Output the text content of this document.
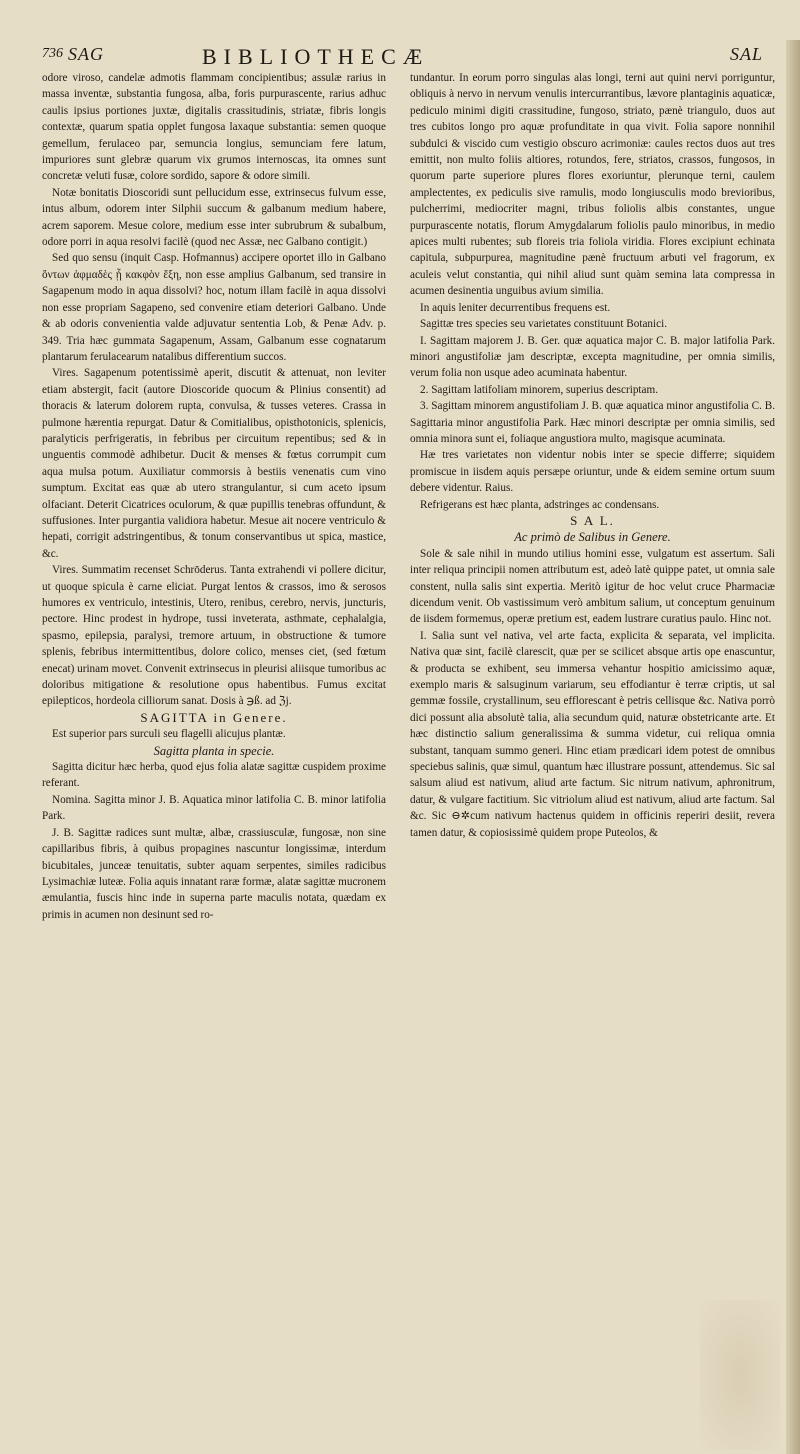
736 SAG	BIBLIOTHECÆ	SAL

odore viroso, candelæ admotis flammam concipientibus; assulæ rarius in massa inventæ, substantia fungosa, alba, foris purpurascente, rarius adhuc caulis ipsius portiones juxtæ, digitalis crassitudinis, striatæ, fibris longis contextæ, quarum spatia opplet fungosa laxaque substantia: semen quoque gemellum, ferulaceo par, semuncia longius, semunciam fere latum, impuriores sunt glebræ quarum vix grumos internoscas, ita omnes sunt concretæ veluti fusæ, colore sordido, sapore & odore simili.

Notæ bonitatis Dioscoridi sunt pellucidum esse, extrinsecus fulvum esse, intus album, odorem inter Silphii succum & galbanum medium habere, acrem saporem. Mesue colore, medium esse inter subrubrum & subalbum, odore porri in aqua resolvi facilè (quod nec Assæ, nec Galbano contigit.)

Sed quo sensu (inquit Casp. Hofmannus) accipere oportet illo in Galbano ὄντων ἀφμαδὲς ᾗ κακφὸν ἔξη, non esse amplius Galbanum, sed transire in Sagapenum modo in aqua dissolvi? hoc, notum illam facilè in aqua dissolvi non esse propriam Sagapeno, sed convenire etiam deteriori Galbano. Unde & ab odoris convenientia valde adjuvatur sententia Lob, & Penæ Adv. p. 349. Tria hæc gummata Sagapenum, Assam, Galbanum esse cognatarum plantarum ferulacearum natalibus differentium succos.

Vires. Sagapenum potentissimè aperit, discutit & attenuat, non leviter etiam abstergit, facit (autore Dioscoride quocum & Plinius consentit) ad thoracis & laterum dolorem rupta, convulsa, & tusses veteres. Crassa in pulmone hærentia repurgat. Datur & Comitialibus, opisthotonicis, splenicis, paralyticis perfrigeratis, in febribus per circuitum repentibus; sed & in unguentis commodè adhibetur. Ducit & menses & fœtus corrumpit cum aqua mulsa potum. Auxiliatur commorsis à bestiis venenatis cum vino sumptum. Excitat eas quæ ab utero strangulantur, si cum aceto ipsum olfaciant. Deterit Cicatrices oculorum, & quæ pupillis tenebras offundunt, & suffusiones. Inter purgantia validiora habetur. Mesue ait nocere ventriculo & hepati, corrigit adstringentibus, & tonum conservantibus ut spica, mastice, &c.

Vires. Summatim recenset Schrōderus. Tanta extrahendi vi pollere dicitur, ut quoque spicula è carne eliciat. Purgat lentos & crassos, imo & serosos humores ex ventriculo, intestinis, Utero, renibus, cerebro, nervis, juncturis, pectore. Hinc prodest in hydrope, tussi inveterata, asthmate, cephalalgia, spasmo, epilepsia, paralysi, tremore artuum, in obstructione & tumore splenis, febribus intermittentibus, dolore colico, menses ciet, (sed fœtum enecat) urinam movet. Convenit extrinsecus in pleurisi aliisque tumoribus ac doloribus mitigatione & resolutione opus habentibus. Fumus excitat epilepticos, hordeola cilliorum sanat. Dosis à ℈ß. ad ℨj.

SAGITTA in Genere.

Est superior pars surculi seu flagelli alicujus plantæ.

Sagitta planta in specie.

Sagitta dicitur hæc herba, quod ejus folia alatæ sagittæ cuspidem proxime referant.

Nomina. Sagitta minor J. B. Aquatica minor latifolia C. B. minor latifolia Park.

J. B. Sagittæ radices sunt multæ, albæ, crassiusculæ, fungosæ, non sine capillaribus fibris, à quibus propagines nascuntur longissimæ, interdum bicubitales, junceæ tenuitatis, subter aquam serpentes, similes radicibus Lysimachiæ luteæ. Folia aquis innatant raræ formæ, alatæ sagittæ mucronem æmulantia, fuscis hinc inde in superna parte maculis notata, quædam ex primis in acumen non desinunt sed ro-

tundantur. In eorum porro singulas alas longi, terni aut quini nervi porriguntur, obliquis à nervo in nervum venulis intercurrantibus, lævore plantaginis aquaticæ, pediculo minimi digiti crassitudine, fungoso, striato, pænè triangulo, duos aut tres cubitos longo pro aquæ profunditate in qua vivit. Folia sapore nonnihil subdulci & viscido cum vestigio obscuro acrimoniæ: caules rectos duos aut tres emittit, non multo foliis altiores, rotundos, fere, striatos, crassos, fungosos, in quorum parte superiore plures flores exoriuntur, plerunque terni, caulem amplectentes, ex pediculis sive ramulis, modo longiusculis modo brevioribus, pulcherrimi, mediocriter magni, tribus foliolis albis constantes, ungue purpurascente notatis, florum Amygdalarum foliolis paulo minoribus, in medio apices multi rubentes; sub floreis tria foliola viridia. Flores excipiunt echinata capitula, subpurpurea, magnitudine pænè fructuum arbuti vel fragorum, ex aculeis velut constantia, qui nihil aliud sunt quàm semina lata compressa in acumen desinentia unguibus avium similia.

In aquis leniter decurrentibus frequens est.

Sagittæ tres species seu varietates constituunt Botanici.

I. Sagittam majorem J. B. Ger. quæ aquatica major C. B. major latifolia Park. minori angustifoliæ jam descriptæ, excepta magnitudine, per omnia similis, verum folia non usque adeo acuminata habentur.

2. Sagittam latifoliam minorem, superius descriptam.

3. Sagittam minorem angustifoliam J. B. quæ aquatica minor angustifolia C. B. Sagittaria minor angustifolia Park. Hæc minori descriptæ per omnia similis, sed omnia minora sunt ei, foliaque angustiora multo, magisque acuminata.

Hæ tres varietates non videntur nobis inter se specie differre; siquidem promiscue in iisdem aquis persæpe oriuntur, unde & eidem semine ortum suum debere videntur. Raius.

Refrigerans est hæc planta, adstringes ac condensans.

S A L.

Ac primò de Salibus in Genere.

Sole & sale nihil in mundo utilius homini esse, vulgatum est assertum. Sali inter reliqua principii nomen attributum est, adeò latè quippe patet, ut omnia sale constent, nulla salis sint expertia. Meritò igitur de hoc velut cruce Pharmaciæ dicendum venit. Ob vastissimum verò ambitum salium, ut conceptum genuinum de iisdem formemus, operæ pretium est, eadem lustrare curatius paulo. Hinc not.

I. Salia sunt vel nativa, vel arte facta, explicita & separata, vel implicita. Nativa quæ sint, facilè clarescit, quæ per se scilicet absque artis ope enascuntur, & producta se exhibent, seu immersa vehantur hospitio amicissimo aquæ, exemplo maris & salsuginum variarum, seu effodiantur è terræ criptis, ut sal gemmæ fossile, crystallinum, seu efflorescant è petris cellisque &c. Nativa porrò dici possunt alia absolutè talia, alia secundum quid, naturæ obstetricante arte. Et hæc distinctio salium generalissima & summa videtur, cui reliqua omnia substant, tanquam summo generi. Hinc etiam prædicari idem potest de omnibus speciebus salinis, quæ simul, quantum hæc illustrare possunt, attendemus. Sic sal salsum aliud est nativum, aliud arte factum. Sic nitrum nativum, aphronitrum, datur, & vulgare factitium. Sic vitriolum aliud est nativum, aliud arte factum. Sal &c. Sic ⊖✲cum nativum hactenus quidem in officinis reperiri desiit, revera tamen datur, & copiosissimè quidem prope Puteolos, &
